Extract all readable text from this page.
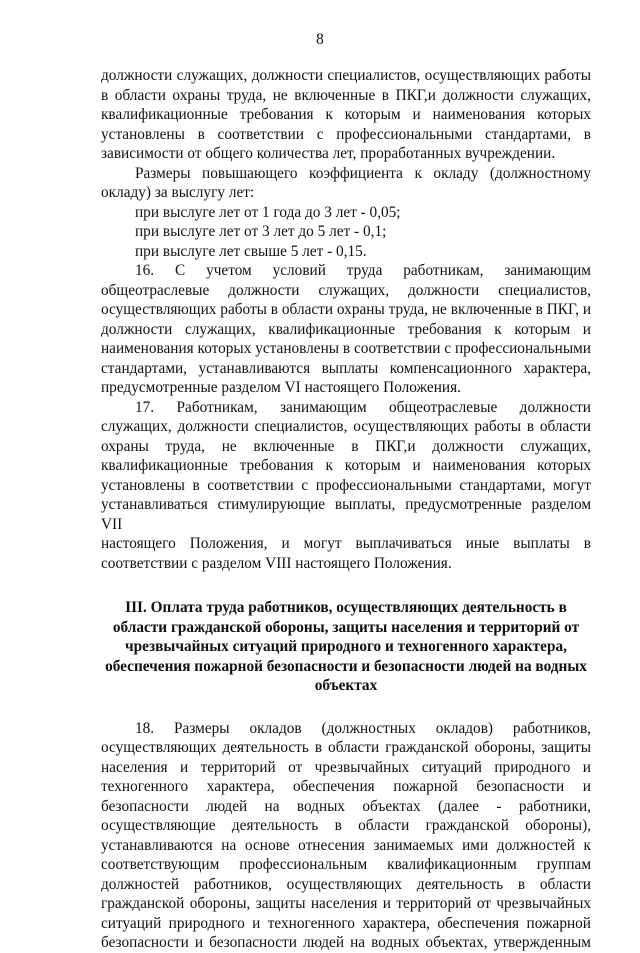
8

должности служащих, должности специалистов, осуществляющих работы

в области охраны труда, не включенные в ПКГ,и должности служащих,

квалификационные требования к которым и наименования которых

установлены в соответствии с профессиональными стандартами, в

зависимости от общего количества лет, проработанных вучреждении.

Размеры повышающего коэффициента к окладу (должностному

окладу) за выслугу лет:

при выслуге лет от 1 года до 3 лет - 0,05;

при выслуге лет от 3 лет до 5 лет - 0,1;

при выслуге лет свыше 5 лет - 0,15.

16. С учетом условий труда работникам, занимающим

общеотраслевые должности служащих, должности специалистов,

осуществляющих работы в области охраны труда, не включенные в ПКГ, и

должности служащих, квалификационные требования к которым и

наименования которых установлены в соответствии с профессиональными

стандартами, устанавливаются выплаты компенсационного характера,

предусмотренные разделом VI настоящего Положения.

17. Работникам, занимающим общеотраслевые должности

служащих, должности специалистов, осуществляющих работы в области

охраны труда, не включенные в ПКГ,и должности служащих,

квалификационные требования к которым и наименования которых

установлены в соответствии с профессиональными стандартами, могут

устанавливаться стимулирующие выплаты, предусмотренные разделом VII

настоящего Положения, и могут выплачиваться иные выплаты в

соответствии с разделом VIII настоящего Положения.

III. Оплата труда работников, осуществляющих деятельность в
области гражданской обороны, защиты населения и территорий от
чрезвычайных ситуаций природного и техногенного характера,
обеспечения пожарной безопасности и безопасности людей на водных
объектах

18. Размеры окладов (должностных окладов) работников,

осуществляющих деятельность в области гражданской обороны, защиты

населения и территорий от чрезвычайных ситуаций природного и

техногенного характера, обеспечения пожарной безопасности и

безопасности людей на водных объектах (далее - работники,

осуществляющие деятельность в области гражданской обороны),

устанавливаются на основе отнесения занимаемых ими должностей к

соответствующим профессиональным квалификационным группам

должностей работников, осуществляющих деятельность в области

гражданской обороны, защиты населения и территорий от чрезвычайных

ситуаций природного и техногенного характера, обеспечения пожарной

безопасности и безопасности людей на водных объектах, утвержденным
